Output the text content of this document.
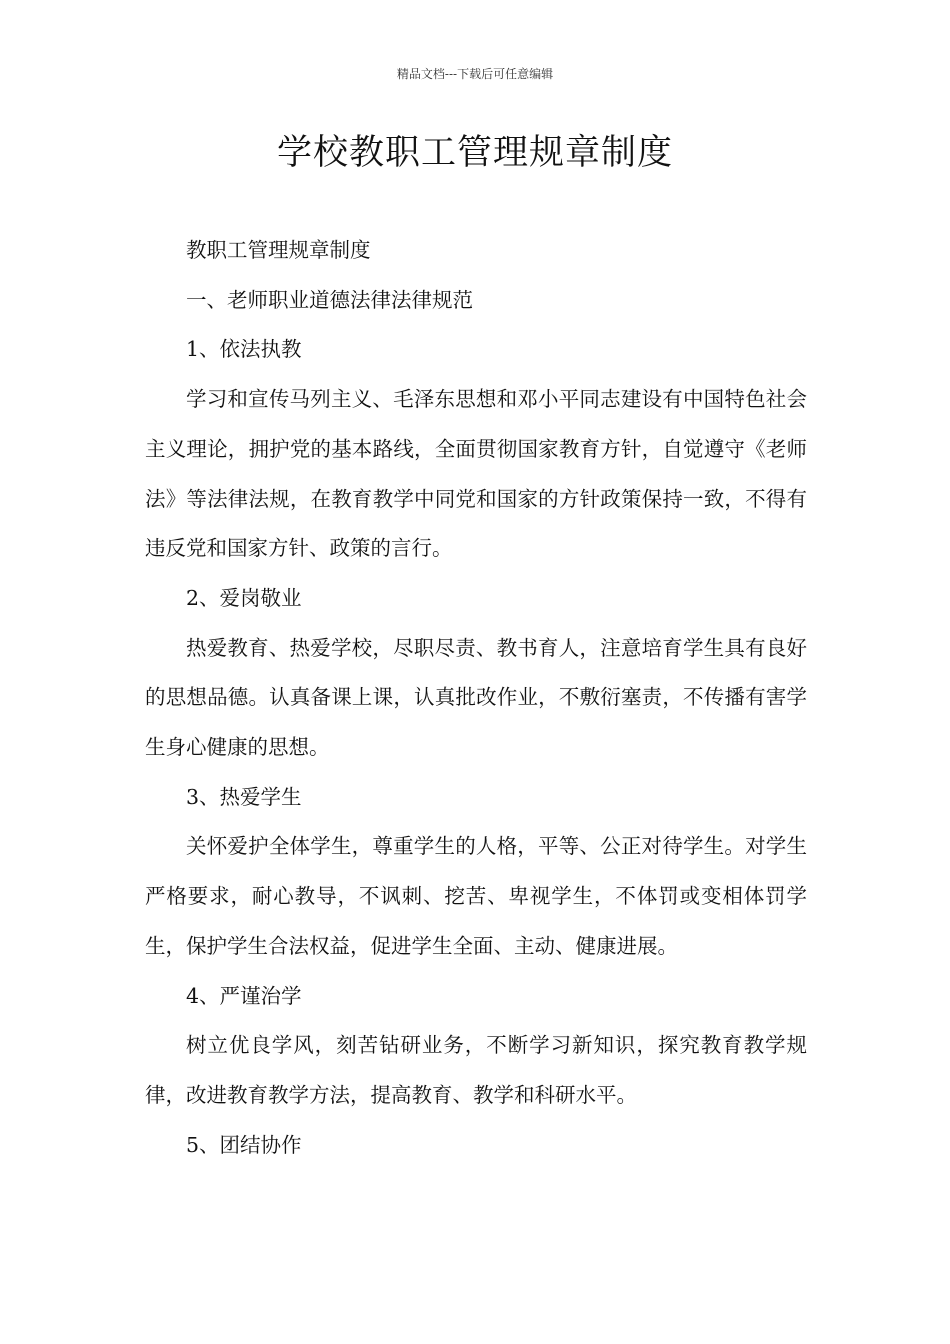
精品文档---下载后可任意编辑
学校教职工管理规章制度

教职工管理规章制度

一、老师职业道德法律法律规范

1、依法执教

学习和宣传马列主义、毛泽东思想和邓小平同志建设有中国特色社会主义理论，拥护党的基本路线，全面贯彻国家教育方针，自觉遵守《老师法》等法律法规，在教育教学中同党和国家的方针政策保持一致，不得有违反党和国家方针、政策的言行。

2、爱岗敬业

热爱教育、热爱学校，尽职尽责、教书育人，注意培育学生具有良好的思想品德。认真备课上课，认真批改作业，不敷衍塞责，不传播有害学生身心健康的思想。

3、热爱学生

关怀爱护全体学生，尊重学生的人格，平等、公正对待学生。对学生严格要求，耐心教导，不讽刺、挖苦、卑视学生，不体罚或变相体罚学生，保护学生合法权益，促进学生全面、主动、健康进展。

4、严谨治学

树立优良学风，刻苦钻研业务，不断学习新知识，探究教育教学规律，改进教育教学方法，提高教育、教学和科研水平。

5、团结协作
